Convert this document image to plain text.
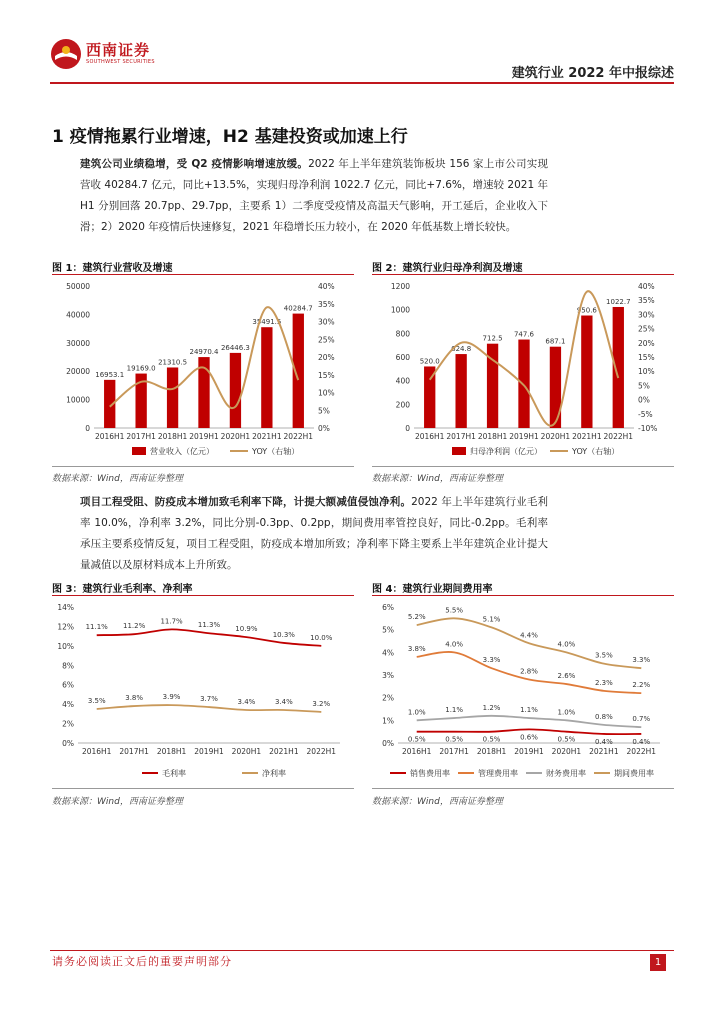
西南证券
SOUTHWEST SECURITIES
建筑行业 2022 年中报综述
1 疫情拖累行业增速，H2 基建投资或加速上行
建筑公司业绩稳增，受 Q2 疫情影响增速放缓。2022 年上半年建筑装饰板块 156 家上市公司实现营收 40284.7 亿元，同比+13.5%，实现归母净利润 1022.7 亿元，同比+7.6%，增速较 2021 年 H1 分别回落 20.7pp、29.7pp，主要系 1）二季度受疫情及高温天气影响，开工延后，企业收入下滑；2）2020 年疫情后快速修复，2021 年稳增长压力较小，在 2020 年低基数上增长较快。
图 1：建筑行业营收及增速
0
10000
20000
30000
40000
50000
0%
5%
10%
15%
20%
25%
30%
35%
40%
16953.1
2016H1
19169.0
2017H1
21310.5
2018H1
24970.4
2019H1
26446.3
2020H1
35491.5
2021H1
40284.7
2022H1
营业收入（亿元）	YOY（右轴）
数据来源：Wind，西南证券整理
图 2：建筑行业归母净利润及增速
0
200
400
600
800
1000
1200
-10%
-5%
0%
5%
10%
15%
20%
25%
30%
35%
40%
520.0
2016H1
624.8
2017H1
712.5
2018H1
747.6
2019H1
687.1
2020H1
950.6
2021H1
1022.7
2022H1
归母净利润（亿元）	YOY（右轴）
数据来源：Wind，西南证券整理
项目工程受阻、防疫成本增加致毛利率下降，计提大额减值侵蚀净利。2022 年上半年建筑行业毛利率 10.0%，净利率 3.2%，同比分别-0.3pp、0.2pp，期间费用率管控良好，同比-0.2pp。毛利率承压主要系疫情反复，项目工程受阻，防疫成本增加所致；净利率下降主要系上半年建筑企业计提大量减值以及原材料成本上升所致。
图 3：建筑行业毛利率、净利率
0%
2%
4%
6%
8%
10%
12%
14%
2016H1 2017H1 2018H1 2019H1 2020H1 2021H1 2022H1
11.1% 11.2%
11.7% 11.3% 10.9%
10.3% 10.0%
3.5%	3.8%	3.9%	3.7%	3.4%	3.4%	3.2%
毛利率	净利率
数据来源：Wind，西南证券整理
图 4：建筑行业期间费用率
0%
1%
2%
3%
4%
5%
6%
2016H1 2017H1 2018H1 2019H1 2020H1 2021H1 2022H1
0.5%	0.5%	0.5%	0.6%	0.5%	0.4%	0.4%
3.8%
4.0%
3.3%
2.8%
2.6%
2.3%	2.2%
1.0%	1.1%	1.2%	1.1%	1.0%
0.8%	0.7%
5.2%
5.5%
5.1%
4.4%
4.0%
3.5%
3.3%
销售费用率	管理费用率	财务费用率	期间费用率
数据来源：Wind，西南证券整理
请务必阅读正文后的重要声明部分	1
